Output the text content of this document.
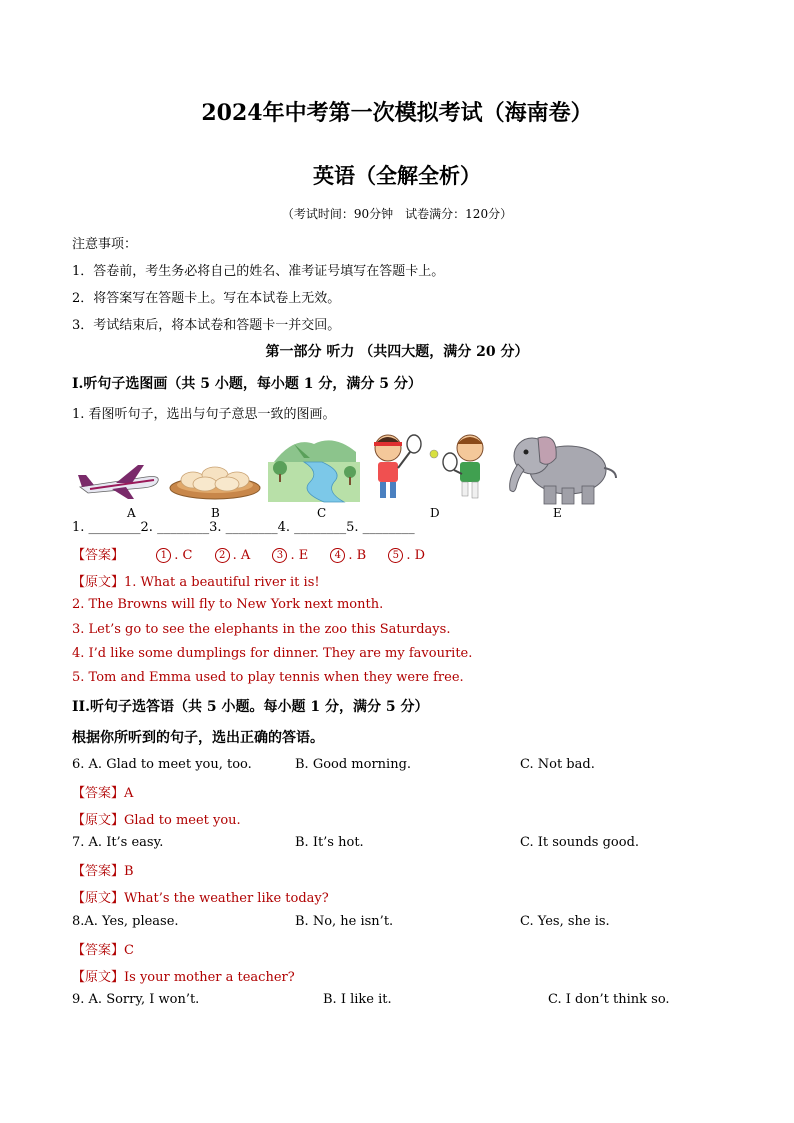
2024年中考第一次模拟考试（海南卷）
英语（全解全析）
（考试时间：90分钟　试卷满分：120分）
注意事项：
1．答卷前，考生务必将自己的姓名、准考证号填写在答题卡上。
2．将答案写在答题卡上。写在本试卷上无效。
3．考试结束后，将本试卷和答题卡一并交回。
第一部分 听力 （共四大题，满分 20 分）
I.听句子选图画（共 5 小题，每小题 1 分，满分 5 分）
1. 看图听句子，选出与句子意思一致的图画。
A	B	C	D	E
1. ________2. ________3. ________4. ________5. ________
【答案】	1 . C	2 . A	3 . E	4 . B	5 . D
【原文】1. What a beautiful river it is!
2. The Browns will fly to New York next month.
3. Let’s go to see the elephants in the zoo this Saturdays.
4. I’d like some dumplings for dinner. They are my favourite.
5. Tom and Emma used to play tennis when they were free.
II.听句子选答语（共 5 小题。每小题 1 分，满分 5 分）
根据你所听到的句子，选出正确的答语。
6. A. Glad to meet you, too.	B. Good morning.	C. Not bad.
【答案】A
【原文】Glad to meet you.
7. A. It’s easy.	B. It’s hot.	C. It sounds good.
【答案】B
【原文】What’s the weather like today?
8.A. Yes, please.	B. No, he isn’t.	C. Yes, she is.
【答案】C
【原文】Is your mother a teacher?
9. A. Sorry, I won’t.	B. I like it.	C. I don’t think so.
